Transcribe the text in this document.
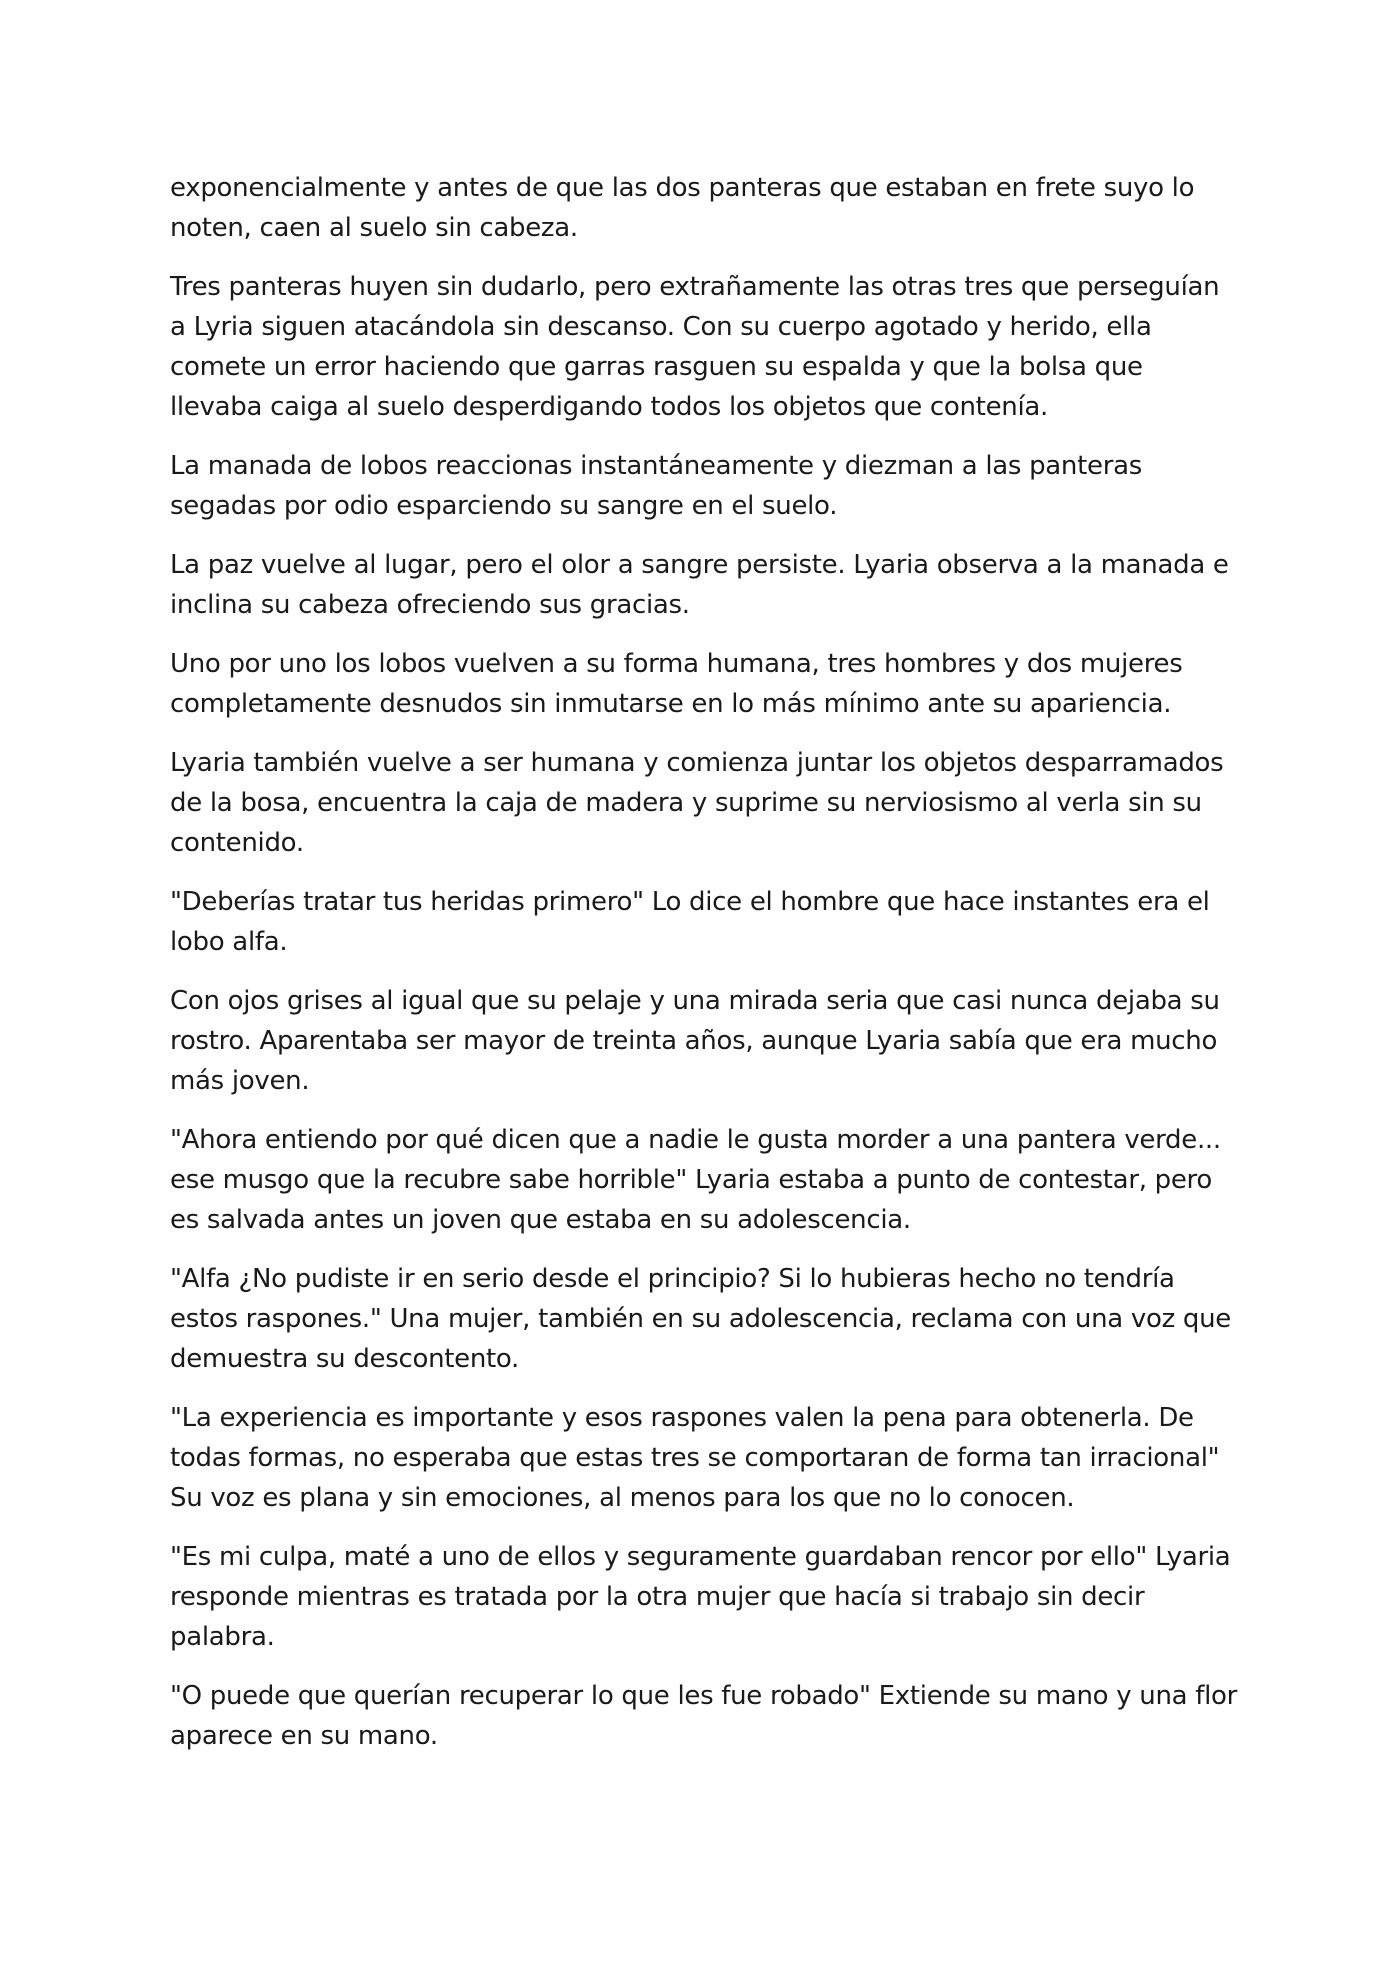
exponencialmente y antes de que las dos panteras que estaban en frete suyo lo noten, caen al suelo sin cabeza.

Tres panteras huyen sin dudarlo, pero extrañamente las otras tres que perseguían a Lyria siguen atacándola sin descanso. Con su cuerpo agotado y herido, ella comete un error haciendo que garras rasguen su espalda y que la bolsa que llevaba caiga al suelo desperdigando todos los objetos que contenía.

La manada de lobos reaccionas instantáneamente y diezman a las panteras segadas por odio esparciendo su sangre en el suelo.

La paz vuelve al lugar, pero el olor a sangre persiste. Lyaria observa a la manada e inclina su cabeza ofreciendo sus gracias.

Uno por uno los lobos vuelven a su forma humana, tres hombres y dos mujeres completamente desnudos sin inmutarse en lo más mínimo ante su apariencia.

Lyaria también vuelve a ser humana y comienza juntar los objetos desparramados de la bosa, encuentra la caja de madera y suprime su nerviosismo al verla sin su contenido.

"Deberías tratar tus heridas primero" Lo dice el hombre que hace instantes era el lobo alfa.

Con ojos grises al igual que su pelaje y una mirada seria que casi nunca dejaba su rostro. Aparentaba ser mayor de treinta años, aunque Lyaria sabía que era mucho más joven.

"Ahora entiendo por qué dicen que a nadie le gusta morder a una pantera verde... ese musgo que la recubre sabe horrible" Lyaria estaba a punto de contestar, pero es salvada antes un joven que estaba en su adolescencia.

"Alfa ¿No pudiste ir en serio desde el principio? Si lo hubieras hecho no tendría estos raspones." Una mujer, también en su adolescencia, reclama con una voz que demuestra su descontento.

"La experiencia es importante y esos raspones valen la pena para obtenerla. De todas formas, no esperaba que estas tres se comportaran de forma tan irracional" Su voz es plana y sin emociones, al menos para los que no lo conocen.

"Es mi culpa, maté a uno de ellos y seguramente guardaban rencor por ello" Lyaria responde mientras es tratada por la otra mujer que hacía si trabajo sin decir palabra.

"O puede que querían recuperar lo que les fue robado" Extiende su mano y una flor aparece en su mano.
